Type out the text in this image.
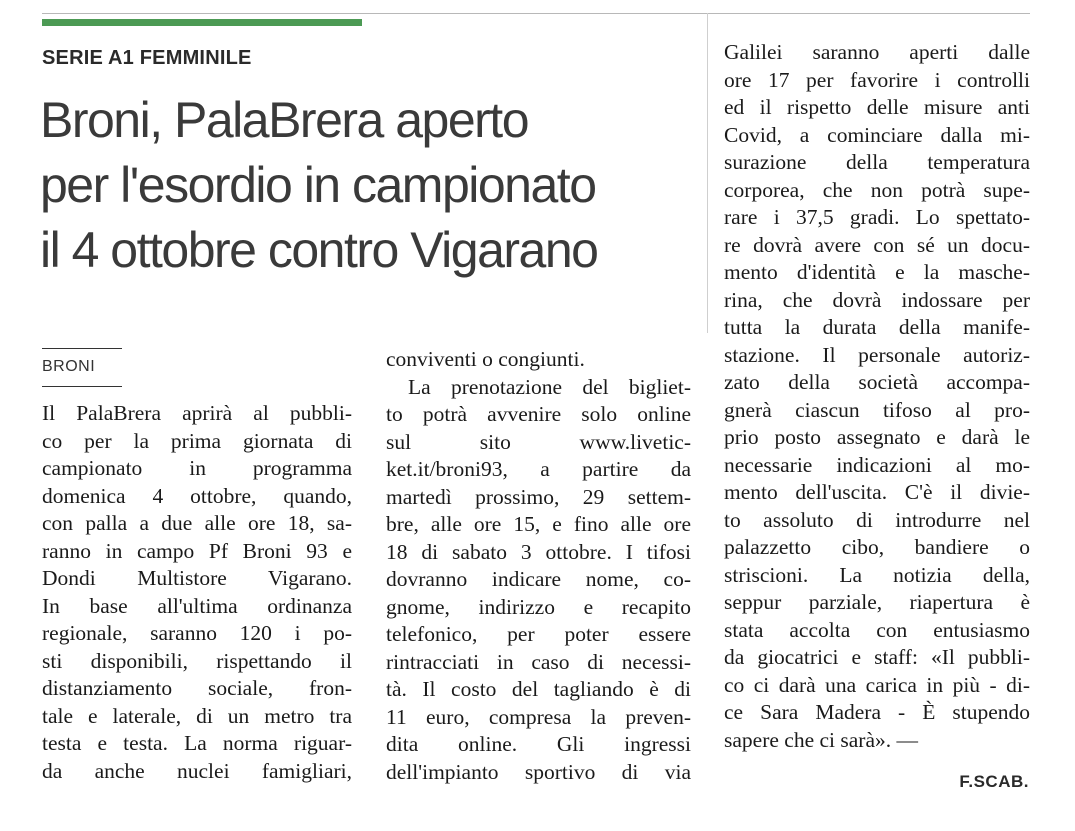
SERIE A1 FEMMINILE
Broni, PalaBrera aperto
per l'esordio in campionato
il 4 ottobre contro Vigarano
BRONI
Il PalaBrera aprirà al pubbli-
co per la prima giornata di
campionato in programma
domenica 4 ottobre, quando,
con palla a due alle ore 18, sa-
ranno in campo Pf Broni 93 e
Dondi Multistore Vigarano.
In base all'ultima ordinanza
regionale, saranno 120 i po-
sti disponibili, rispettando il
distanziamento sociale, fron-
tale e laterale, di un metro tra
testa e testa. La norma riguar-
da anche nuclei famigliari,
conviventi o congiunti.
La prenotazione del bigliet-
to potrà avvenire solo online
sul sito www.livetic-
ket.it/broni93, a partire da
martedì prossimo, 29 settem-
bre, alle ore 15, e fino alle ore
18 di sabato 3 ottobre. I tifosi
dovranno indicare nome, co-
gnome, indirizzo e recapito
telefonico, per poter essere
rintracciati in caso di necessi-
tà. Il costo del tagliando è di
11 euro, compresa la preven-
dita online. Gli ingressi
dell'impianto sportivo di via
Galilei saranno aperti dalle
ore 17 per favorire i controlli
ed il rispetto delle misure anti
Covid, a cominciare dalla mi-
surazione della temperatura
corporea, che non potrà supe-
rare i 37,5 gradi. Lo spettato-
re dovrà avere con sé un docu-
mento d'identità e la masche-
rina, che dovrà indossare per
tutta la durata della manife-
stazione. Il personale autoriz-
zato della società accompa-
gnerà ciascun tifoso al pro-
prio posto assegnato e darà le
necessarie indicazioni al mo-
mento dell'uscita. C'è il divie-
to assoluto di introdurre nel
palazzetto cibo, bandiere o
striscioni. La notizia della,
seppur parziale, riapertura è
stata accolta con entusiasmo
da giocatrici e staff: «Il pubbli-
co ci darà una carica in più - di-
ce Sara Madera - È stupendo
sapere che ci sarà». —
F.SCAB.
